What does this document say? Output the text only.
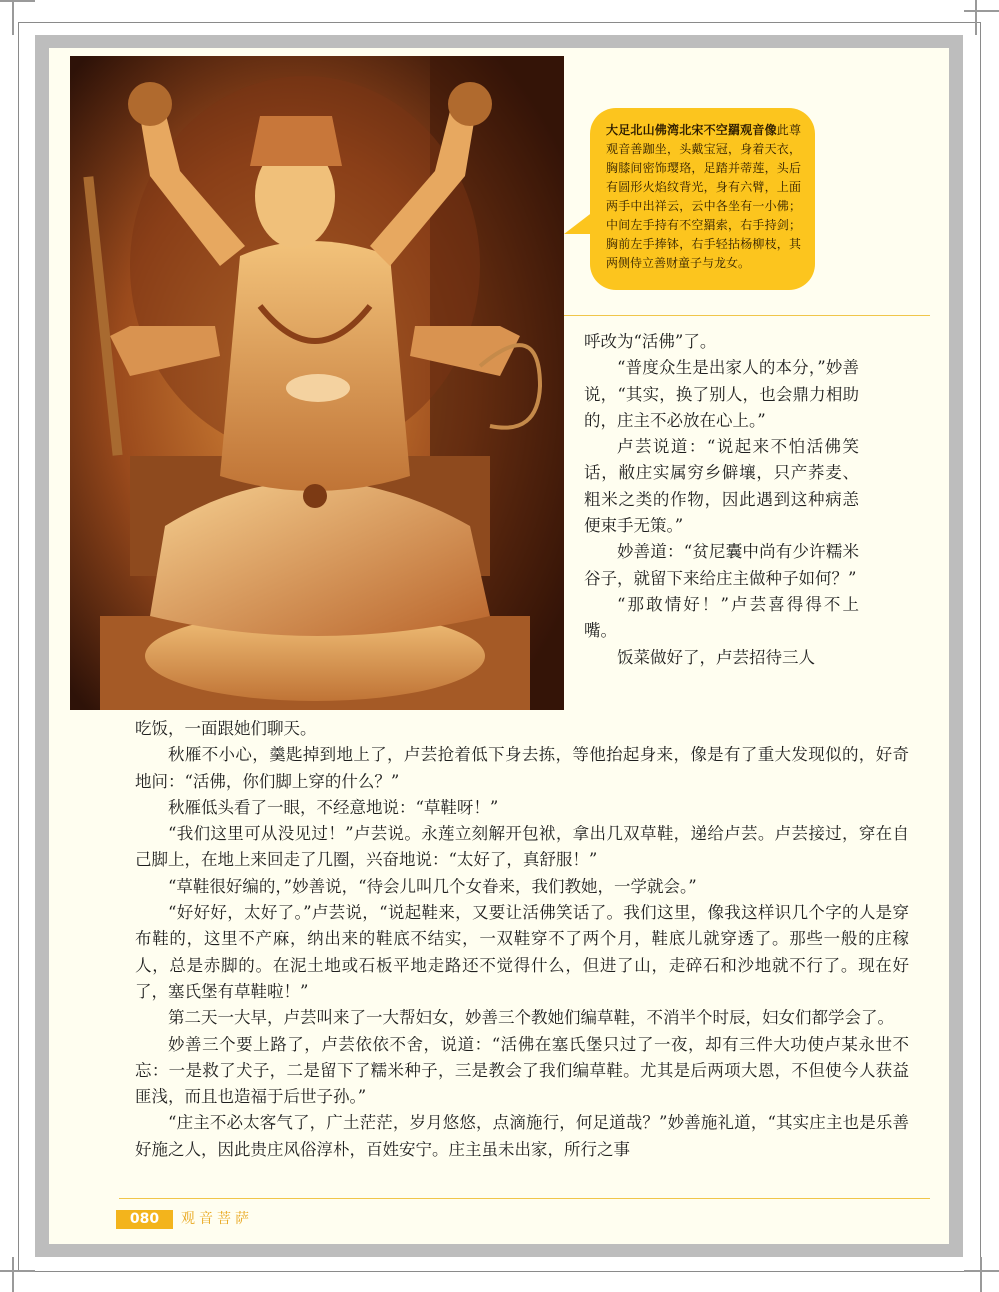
大足北山佛湾北宋不空羂观音像此尊观音善跏坐，头戴宝冠，身着天衣，胸膝间密饰璎珞，足踏并蒂莲，头后有圆形火焰纹背光，身有六臂，上面两手中出祥云，云中各坐有一小佛；中间左手持有不空羂索，右手持剑；胸前左手捧钵，右手轻拈杨柳枝，其两侧侍立善财童子与龙女。

呼改为“活佛”了。

“普度众生是出家人的本分，”妙善说，“其实，换了别人，也会鼎力相助的，庄主不必放在心上。”

卢芸说道：“说起来不怕活佛笑话，敝庄实属穷乡僻壤，只产荞麦、粗米之类的作物，因此遇到这种病恙便束手无策。”

妙善道：“贫尼囊中尚有少许糯米谷子，就留下来给庄主做种子如何？”

“那敢情好！”卢芸喜得得不上嘴。

饭菜做好了，卢芸招待三人

吃饭，一面跟她们聊天。

秋雁不小心，羹匙掉到地上了，卢芸抢着低下身去拣，等他抬起身来，像是有了重大发现似的，好奇地问：“活佛，你们脚上穿的什么？”

秋雁低头看了一眼，不经意地说：“草鞋呀！”

“我们这里可从没见过！”卢芸说。永莲立刻解开包袱，拿出几双草鞋，递给卢芸。卢芸接过，穿在自己脚上，在地上来回走了几圈，兴奋地说：“太好了，真舒服！”

“草鞋很好编的，”妙善说，“待会儿叫几个女眷来，我们教她，一学就会。”

“好好好，太好了。”卢芸说，“说起鞋来，又要让活佛笑话了。我们这里，像我这样识几个字的人是穿布鞋的，这里不产麻，纳出来的鞋底不结实，一双鞋穿不了两个月，鞋底儿就穿透了。那些一般的庄稼人，总是赤脚的。在泥土地或石板平地走路还不觉得什么，但进了山，走碎石和沙地就不行了。现在好了，塞氏堡有草鞋啦！”

第二天一大早，卢芸叫来了一大帮妇女，妙善三个教她们编草鞋，不消半个时辰，妇女们都学会了。

妙善三个要上路了，卢芸依依不舍，说道：“活佛在塞氏堡只过了一夜，却有三件大功使卢某永世不忘：一是救了犬子，二是留下了糯米种子，三是教会了我们编草鞋。尤其是后两项大恩，不但使今人获益匪浅，而且也造福于后世子孙。”

“庄主不必太客气了，广土茫茫，岁月悠悠，点滴施行，何足道哉？”妙善施礼道，“其实庄主也是乐善好施之人，因此贵庄风俗淳朴，百姓安宁。庄主虽未出家，所行之事

080	观音菩萨
